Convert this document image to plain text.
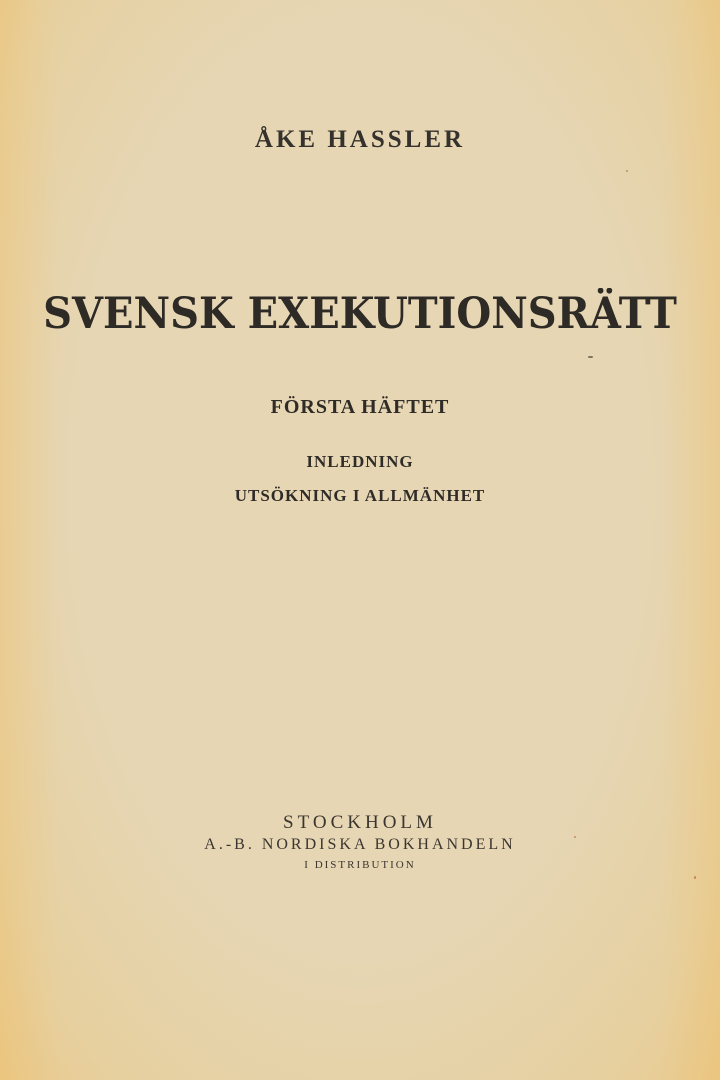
ÅKE HASSLER
SVENSK EXEKUTIONSRÄTT
FÖRSTA HÄFTET
INLEDNING
UTSÖKNING I ALLMÄNHET
STOCKHOLM
A.-B. NORDISKA BOKHANDELN
I DISTRIBUTION
